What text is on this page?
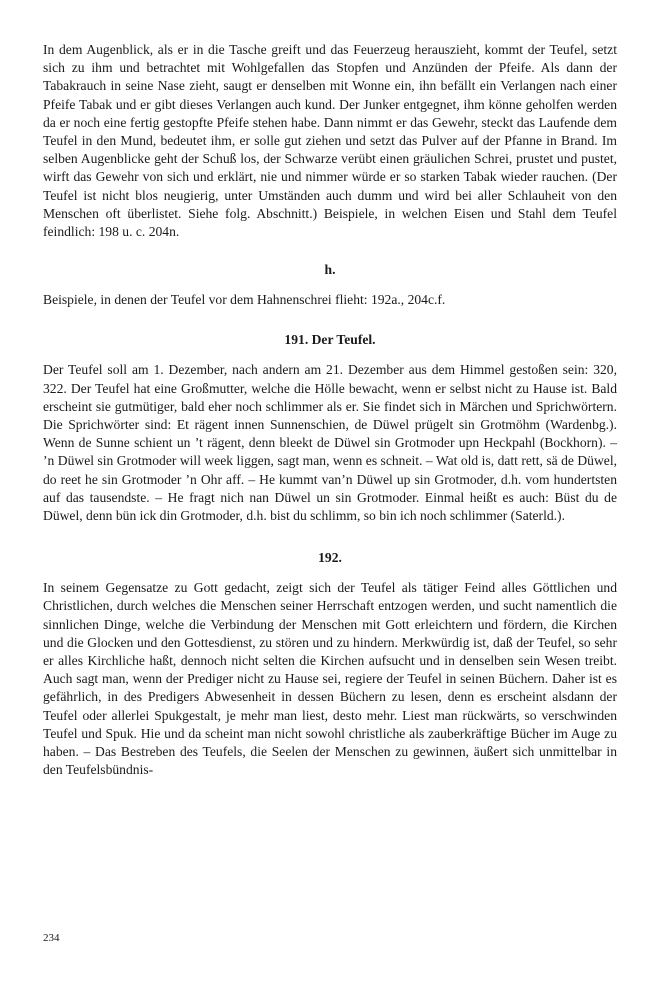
In dem Augenblick, als er in die Tasche greift und das Feuerzeug herauszieht, kommt der Teufel, setzt sich zu ihm und betrachtet mit Wohlgefallen das Stopfen und Anzünden der Pfeife. Als dann der Tabakrauch in seine Nase zieht, saugt er denselben mit Wonne ein, ihn befällt ein Verlangen nach einer Pfeife Tabak und er gibt dieses Verlangen auch kund. Der Junker entgegnet, ihm könne geholfen werden da er noch eine fertig gestopfte Pfeife stehen habe. Dann nimmt er das Gewehr, steckt das Laufende dem Teufel in den Mund, bedeutet ihm, er solle gut ziehen und setzt das Pulver auf der Pfanne in Brand. Im selben Augenblicke geht der Schuß los, der Schwarze verübt einen gräulichen Schrei, prustet und pustet, wirft das Gewehr von sich und erklärt, nie und nimmer würde er so starken Tabak wieder rauchen. (Der Teufel ist nicht blos neugierig, unter Umständen auch dumm und wird bei aller Schlauheit von den Menschen oft überlistet. Siehe folg. Abschnitt.) Beispiele, in welchen Eisen und Stahl dem Teufel feindlich: 198 u. c. 204n.

h.

Beispiele, in denen der Teufel vor dem Hahnenschrei flieht: 192a., 204c.f.

191. Der Teufel.

Der Teufel soll am 1. Dezember, nach andern am 21. Dezember aus dem Himmel gestoßen sein: 320, 322. Der Teufel hat eine Großmutter, welche die Hölle bewacht, wenn er selbst nicht zu Hause ist. Bald erscheint sie gutmütiger, bald eher noch schlimmer als er. Sie findet sich in Märchen und Sprichwörtern. Die Sprichwörter sind: Et rägent innen Sunnenschien, de Düwel prügelt sin Grotmöhm (Wardenbg.). Wenn de Sunne schient un ’t rägent, denn bleekt de Düwel sin Grotmoder upn Heckpahl (Bockhorn). – ’n Düwel sin Grotmoder will week liggen, sagt man, wenn es schneit. – Wat old is, datt rett, sä de Düwel, do reet he sin Grotmoder ’n Ohr aff. – He kummt van’n Düwel up sin Grotmoder, d.h. vom hundertsten auf das tausendste. – He fragt nich nan Düwel un sin Grotmoder. Einmal heißt es auch: Büst du de Düwel, denn bün ick din Grotmoder, d.h. bist du schlimm, so bin ich noch schlimmer (Saterld.).

192.

In seinem Gegensatze zu Gott gedacht, zeigt sich der Teufel als tätiger Feind alles Göttlichen und Christlichen, durch welches die Menschen seiner Herrschaft entzogen werden, und sucht namentlich die sinnlichen Dinge, welche die Verbindung der Menschen mit Gott erleichtern und fördern, die Kirchen und die Glocken und den Gottesdienst, zu stören und zu hindern. Merkwürdig ist, daß der Teufel, so sehr er alles Kirchliche haßt, dennoch nicht selten die Kirchen aufsucht und in denselben sein Wesen treibt. Auch sagt man, wenn der Prediger nicht zu Hause sei, regiere der Teufel in seinen Büchern. Daher ist es gefährlich, in des Predigers Abwesenheit in dessen Büchern zu lesen, denn es erscheint alsdann der Teufel oder allerlei Spukgestalt, je mehr man liest, desto mehr. Liest man rückwärts, so verschwinden Teufel und Spuk. Hie und da scheint man nicht sowohl christliche als zauberkräftige Bücher im Auge zu haben. – Das Bestreben des Teufels, die Seelen der Menschen zu gewinnen, äußert sich unmittelbar in den Teufelsbündnis-

234
